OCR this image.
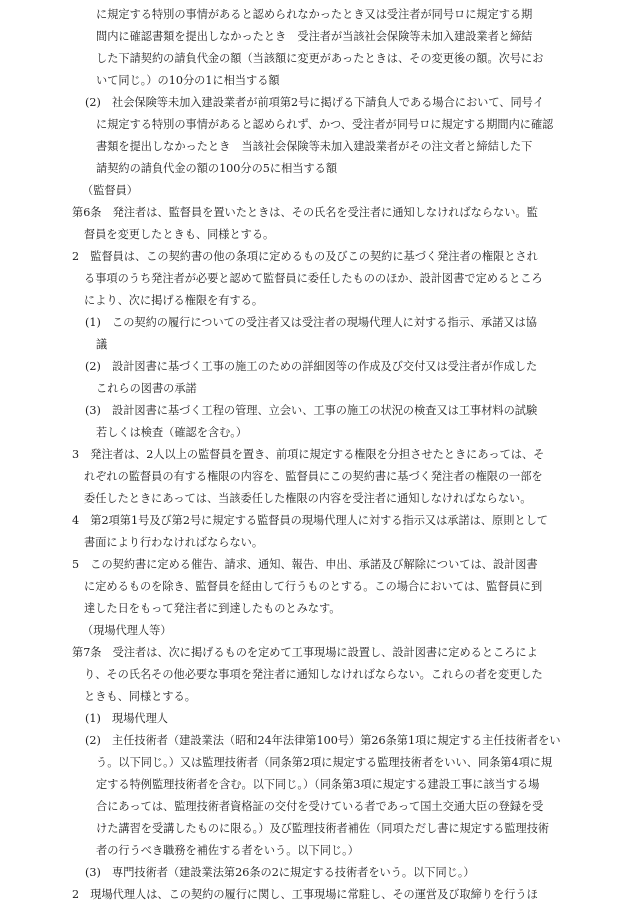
に規定する特別の事情があると認められなかったとき又は受注者が同号ロに規定する期
間内に確認書類を提出しなかったとき　受注者が当該社会保険等未加入建設業者と締結
した下請契約の請負代金の額（当該額に変更があったときは、その変更後の額。次号にお
いて同じ。）の10分の1に相当する額
(2)　社会保険等未加入建設業者が前項第2号に掲げる下請負人である場合において、同号イ
に規定する特別の事情があると認められず、かつ、受注者が同号ロに規定する期間内に確認
書類を提出しなかったとき　当該社会保険等未加入建設業者がその注文者と締結した下
請契約の請負代金の額の100分の5に相当する額
（監督員）
第6条　発注者は、監督員を置いたときは、その氏名を受注者に通知しなければならない。監
督員を変更したときも、同様とする。
2　監督員は、この契約書の他の条項に定めるもの及びこの契約に基づく発注者の権限とされ
る事項のうち発注者が必要と認めて監督員に委任したもののほか、設計図書で定めるところ
により、次に掲げる権限を有する。
(1)　この契約の履行についての受注者又は受注者の現場代理人に対する指示、承諾又は協
議
(2)　設計図書に基づく工事の施工のための詳細図等の作成及び交付又は受注者が作成した
これらの図書の承諾
(3)　設計図書に基づく工程の管理、立会い、工事の施工の状況の検査又は工事材料の試験
若しくは検査（確認を含む。）
3　発注者は、2人以上の監督員を置き、前項に規定する権限を分担させたときにあっては、そ
れぞれの監督員の有する権限の内容を、監督員にこの契約書に基づく発注者の権限の一部を
委任したときにあっては、当該委任した権限の内容を受注者に通知しなければならない。
4　第2項第1号及び第2号に規定する監督員の現場代理人に対する指示又は承諾は、原則として
書面により行わなければならない。
5　この契約書に定める催告、請求、通知、報告、申出、承諾及び解除については、設計図書
に定めるものを除き、監督員を経由して行うものとする。この場合においては、監督員に到
達した日をもって発注者に到達したものとみなす。
（現場代理人等）
第7条　受注者は、次に掲げるものを定めて工事現場に設置し、設計図書に定めるところによ
り、その氏名その他必要な事項を発注者に通知しなければならない。これらの者を変更した
ときも、同様とする。
(1)　現場代理人
(2)　主任技術者（建設業法（昭和24年法律第100号）第26条第1項に規定する主任技術者をい
う。以下同じ。）又は監理技術者（同条第2項に規定する監理技術者をいい、同条第4項に規
定する特例監理技術者を含む。以下同じ。）（同条第3項に規定する建設工事に該当する場
合にあっては、監理技術者資格証の交付を受けている者であって国土交通大臣の登録を受
けた講習を受講したものに限る。）及び監理技術者補佐（同項ただし書に規定する監理技術
者の行うべき職務を補佐する者をいう。以下同じ。）
(3)　専門技術者（建設業法第26条の2に規定する技術者をいう。以下同じ。）
2　現場代理人は、この契約の履行に関し、工事現場に常駐し、その運営及び取締りを行うほ
